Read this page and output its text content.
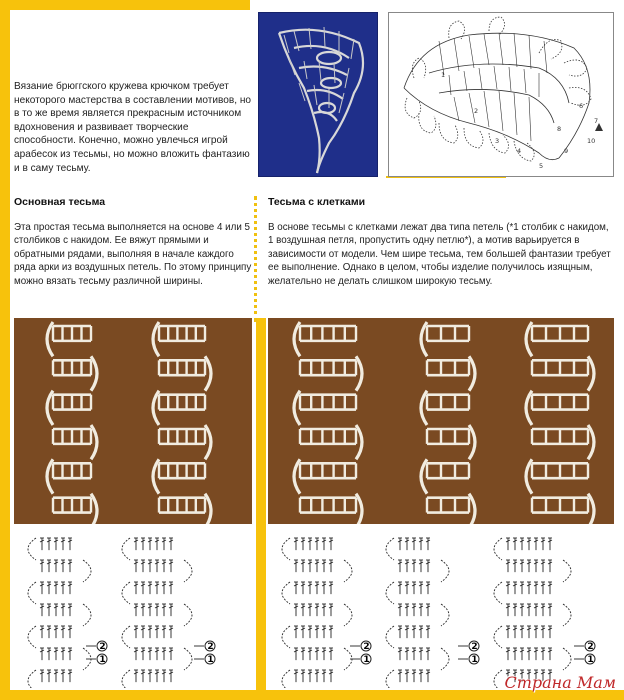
1
2
3
4
5
6
7
8
9
10

Вязание брюггского кружева крючком требует некоторого мастерства в составлении мотивов, но в то же время является прекрасным источником вдохновения и развивает творческие способности. Конечно, можно увлечься игрой арабесок из тесьмы, но можно вложить фантазию и в саму тесьму.

Основная тесьма	Тесьма с клетками

Эта простая тесьма выполняется на основе 4 или 5 столбиков с накидом. Ее вяжут прямыми и обратными рядами, выполняя в начале каждого ряда арки из воздушных петель. По этому принципу можно вязать тесьму различной ширины.

В основе тесьмы с клетками лежат два типа петель (*1 столбик с накидом, 1 воздушная петля, пропустить одну петлю*), а мотив варьируется в зависимости от модели. Чем шире тесьма, тем большей фантазии требует ее выполнение. Однако в целом, чтобы изделие получилось изящным, желательно не делать слишком широкую тесьму.

2
1
2
1
2
1
2
1
2
1
Страна Мам
